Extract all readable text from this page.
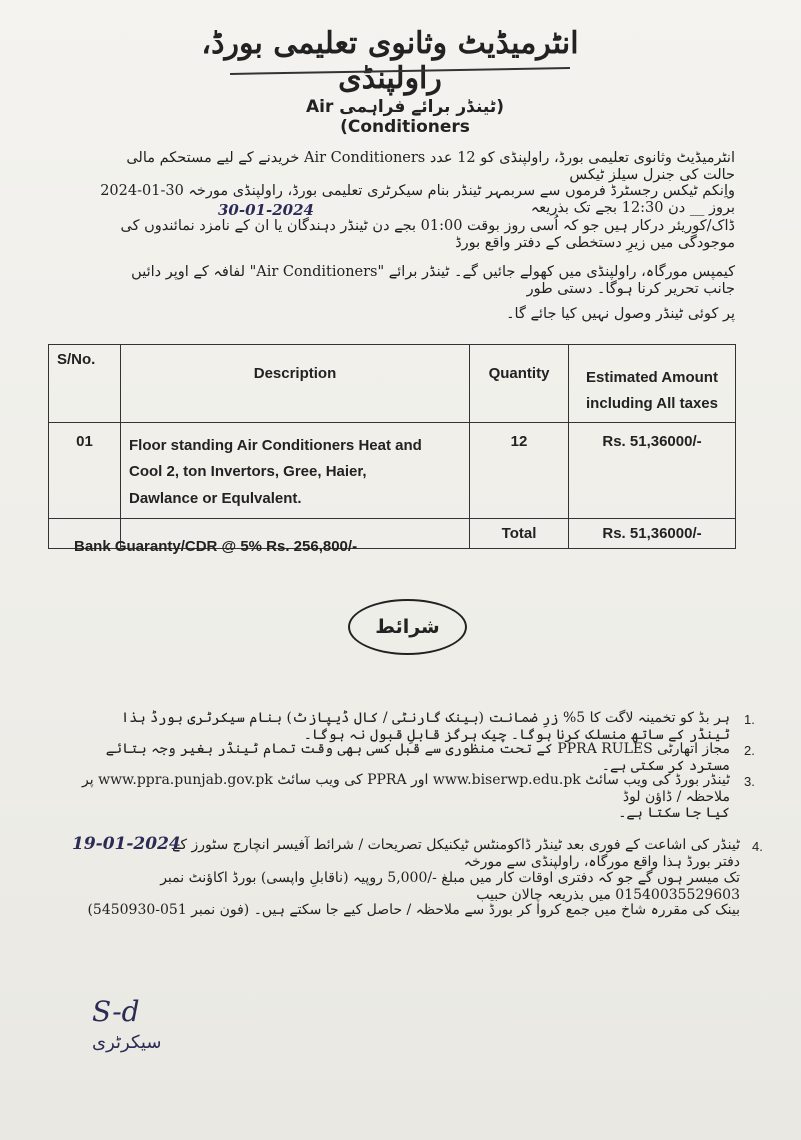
انٹرمیڈیٹ وثانوی تعلیمی بورڈ، راولپنڈی
(ٹینڈر برائے فراہمی Air Conditioners)
انٹرمیڈیٹ وثانوی تعلیمی بورڈ، راولپنڈی کو 12 عدد Air Conditioners خریدنے کے لیے مستحکم مالی حالت کی جنرل سیلز ٹیکس
واِنکم ٹیکس رجسٹرڈ فرموں سے سربمہر ٹینڈر بنام سیکرٹری تعلیمی بورڈ، راولپنڈی مورخہ 30-01-2024 بروز __ دن 12:30 بجے تک بذریعہ
30-01-2024
ڈاک/کوریئر درکار ہیں جو کہ اُسی روز بوقت 01:00 بجے دن ٹینڈر دہندگان یا ان کے نامزد نمائندوں کی موجودگی میں زیرِ دستخطی کے دفتر واقع بورڈ
کیمپس مورگاہ، راولپنڈی میں کھولے جائیں گے۔ ٹینڈر برائے "Air Conditioners" لفافہ کے اوپر دائیں جانب تحریر کرنا ہوگا۔ دستی طور
پر کوئی ٹینڈر وصول نہیں کیا جائے گا۔
S/No.	Description	Quantity	Estimated Amount
including All taxes
01	Floor standing Air Conditioners Heat and
Cool 2, ton Invertors, Gree, Haier,
Dawlance or Equlvalent.	12	Rs. 51,36000/-
		Total	Rs. 51,36000/-
Bank Guaranty/CDR @ 5% Rs. 256,800/-
شرائط
ہر بڈ کو تخمینہ لاگت کا 5% زرِ ضمانت (بینک گارنٹی / کال ڈیپازٹ) بنام سیکرٹری بورڈ ہذا ٹینڈر کے ساتھ منسلک کرنا ہوگا۔ چیک ہرگز قابلِ قبول نہ ہوگا۔
1.
مجاز اتھارٹی PPRA RULES کے تحت منظوری سے قبل کسی بھی وقت تمام ٹینڈر بغیر وجہ بتائے مسترد کر سکتی ہے۔
2.
ٹینڈر بورڈ کی ویب سائٹ www.biserwp.edu.pk اور PPRA کی ویب سائٹ www.ppra.punjab.gov.pk پر ملاحظہ / ڈاؤن لوڈ
کیا جا سکتا ہے۔
3.
ٹینڈر کی اشاعت کے فوری بعد ٹینڈر ڈاکومنٹس ٹیکنیکل تصریحات / شرائط آفیسر انچارج سٹورز کے دفتر بورڈ ہذا واقع مورگاہ، راولپنڈی سے مورخہ
19-01-2024	4.
تک میسر ہوں گے جو کہ دفتری اوقات کار میں مبلغ -/5,000 روپیہ (ناقابلِ واپسی) بورڈ اکاؤنٹ نمبر 01540035529603 میں بذریعہ چالان حبیب
بینک کی مقررہ شاخ میں جمع کروا کر بورڈ سے ملاحظہ / حاصل کیے جا سکتے ہیں۔ (فون نمبر 051-5450930)
S-d
سیکرٹری
